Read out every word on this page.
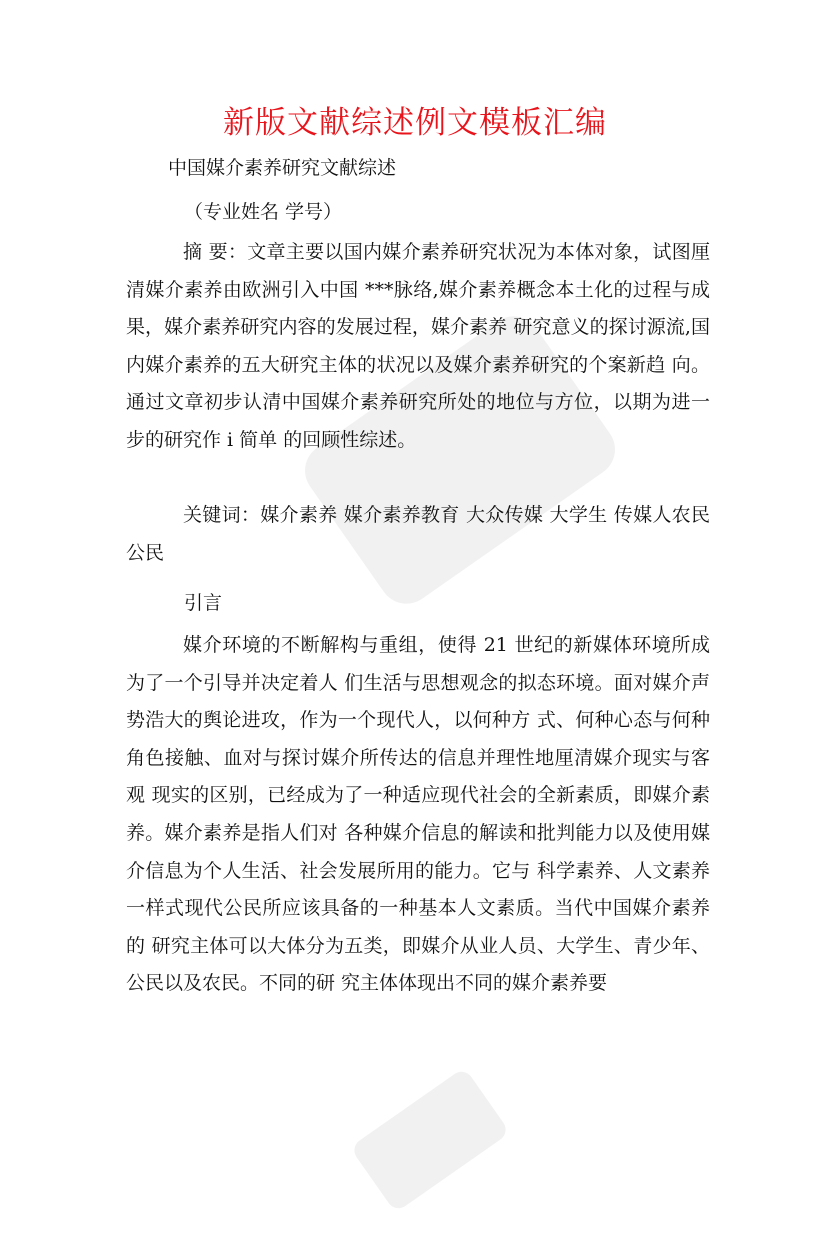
新版文献综述例文模板汇编
中国媒介素养研究文献综述
（专业姓名 学号）

摘 要：文章主要以国内媒介素养研究状况为本体对象，试图厘清媒介素养由欧洲引入中国 ***脉络,媒介素养概念本土化的过程与成果，媒介素养研究内容的发展过程，媒介素养 研究意义的探讨源流,国内媒介素养的五大研究主体的状况以及媒介素养研究的个案新趋 向。通过文章初步认清中国媒介素养研究所处的地位与方位，以期为进一步的研究作 i 简单 的回顾性综述。

关键词：媒介素养 媒介素养教育 大众传媒 大学生 传媒人农民公民

引言

媒介环境的不断解构与重组，使得 21 世纪的新媒体环境所成为了一个引导并决定着人 们生活与思想观念的拟态环境。面对媒介声势浩大的舆论进攻，作为一个现代人，以何种方 式、何种心态与何种角色接触、血对与探讨媒介所传达的信息并理性地厘清媒介现实与客观 现实的区别，已经成为了一种适应现代社会的全新素质，即媒介素养。媒介素养是指人们对 各种媒介信息的解读和批判能力以及使用媒介信息为个人生活、社会发展所用的能力。它与 科学素养、人文素养一样式现代公民所应该具备的一种基本人文素质。当代中国媒介素养的 研究主体可以大体分为五类，即媒介从业人员、大学生、青少年、公民以及农民。不同的研 究主体体现出不同的媒介素养要
